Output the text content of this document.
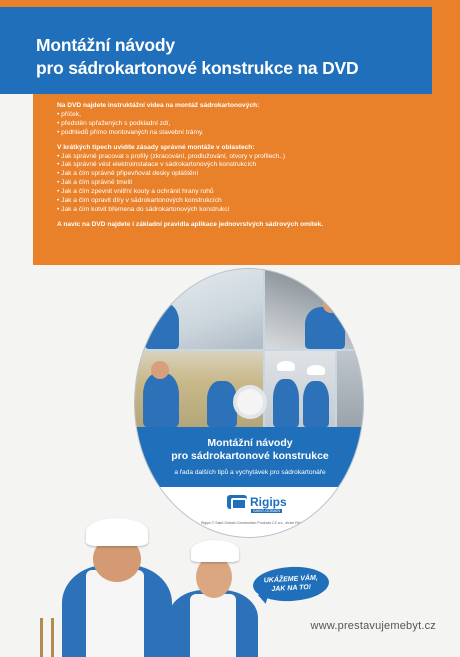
Montážní návody
pro sádrokartonové konstrukce na DVD
Na DVD najdete instruktážní videa na montáž sádrokartonových:
• příček,
• předstěn spřažených s podkladní zdí,
• podhledů přímo montovaných na stavební trámy.
V krátkých tipech uvidíte zásady správné montáže v oblastech:
• Jak správně pracovat s profily (zkracování, prodlužování, otvory v profilech..)
• Jak správně vést elektroinstalace v sádrokartonových konstrukcích
• Jak a čím správně připevňovat desky opláštění
• Jak a čím správně tmelit
• Jak a čím zpevnit vnitřní kouty a ochránit hrany rohů
• Jak a čím opravit díry v sádrokartonových konstrukcích
• Jak a čím kotvit břemena do sádrokartonových konstrukcí
A navíc na DVD najdete i základní pravidla aplikace jednovrstvých sádrových omítek.
Montážní návody
pro sádrokartonové konstrukce
a řada dalších tipů a vychytávek pro sádrokartonáře
Rigips
SAINT-GOBAIN
Rigips © Saint-Gobain Construction Products CZ a.s., divize Rigips
UKÁŽEME VÁM,
JAK NA TO!
www.prestavujemebyt.cz
